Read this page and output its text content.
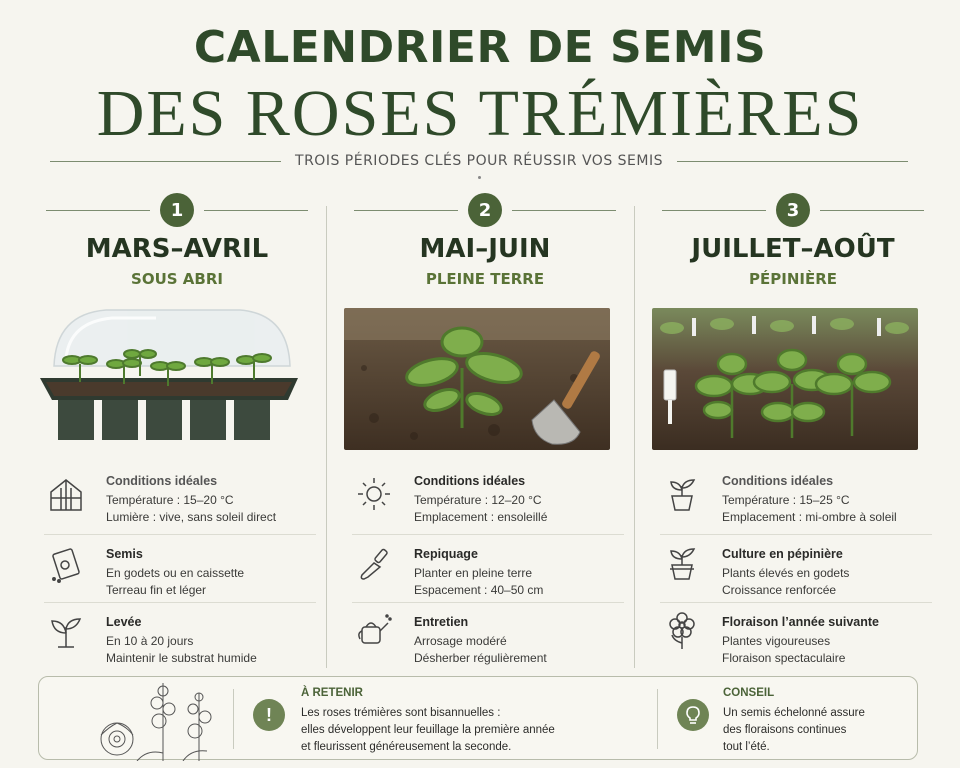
CALENDRIER DE SEMIS
DES ROSES TRÉMIÈRES
TROIS PÉRIODES CLÉS POUR RÉUSSIR VOS SEMIS
1
MARS–AVRIL
SOUS ABRI
Conditions idéales
Température : 15–20 °C
Lumière : vive, sans soleil direct
Semis
En godets ou en caissette
Terreau fin et léger
Levée
En 10 à 20 jours
Maintenir le substrat humide
2
MAI–JUIN
PLEINE TERRE
Conditions idéales
Température : 12–20 °C
Emplacement : ensoleillé
Repiquage
Planter en pleine terre
Espacement : 40–50 cm
Entretien
Arrosage modéré
Désherber régulièrement
3
JUILLET–AOÛT
PÉPINIÈRE
Conditions idéales
Température : 15–25 °C
Emplacement : mi-ombre à soleil
Culture en pépinière
Plants élevés en godets
Croissance renforcée
Floraison l’année suivante
Plantes vigoureuses
Floraison spectaculaire
!
À RETENIR
Les roses trémières sont bisannuelles :
elles développent leur feuillage la première année
et fleurissent généreusement la seconde.
CONSEIL
Un semis échelonné assure
des floraisons continues
tout l’été.
